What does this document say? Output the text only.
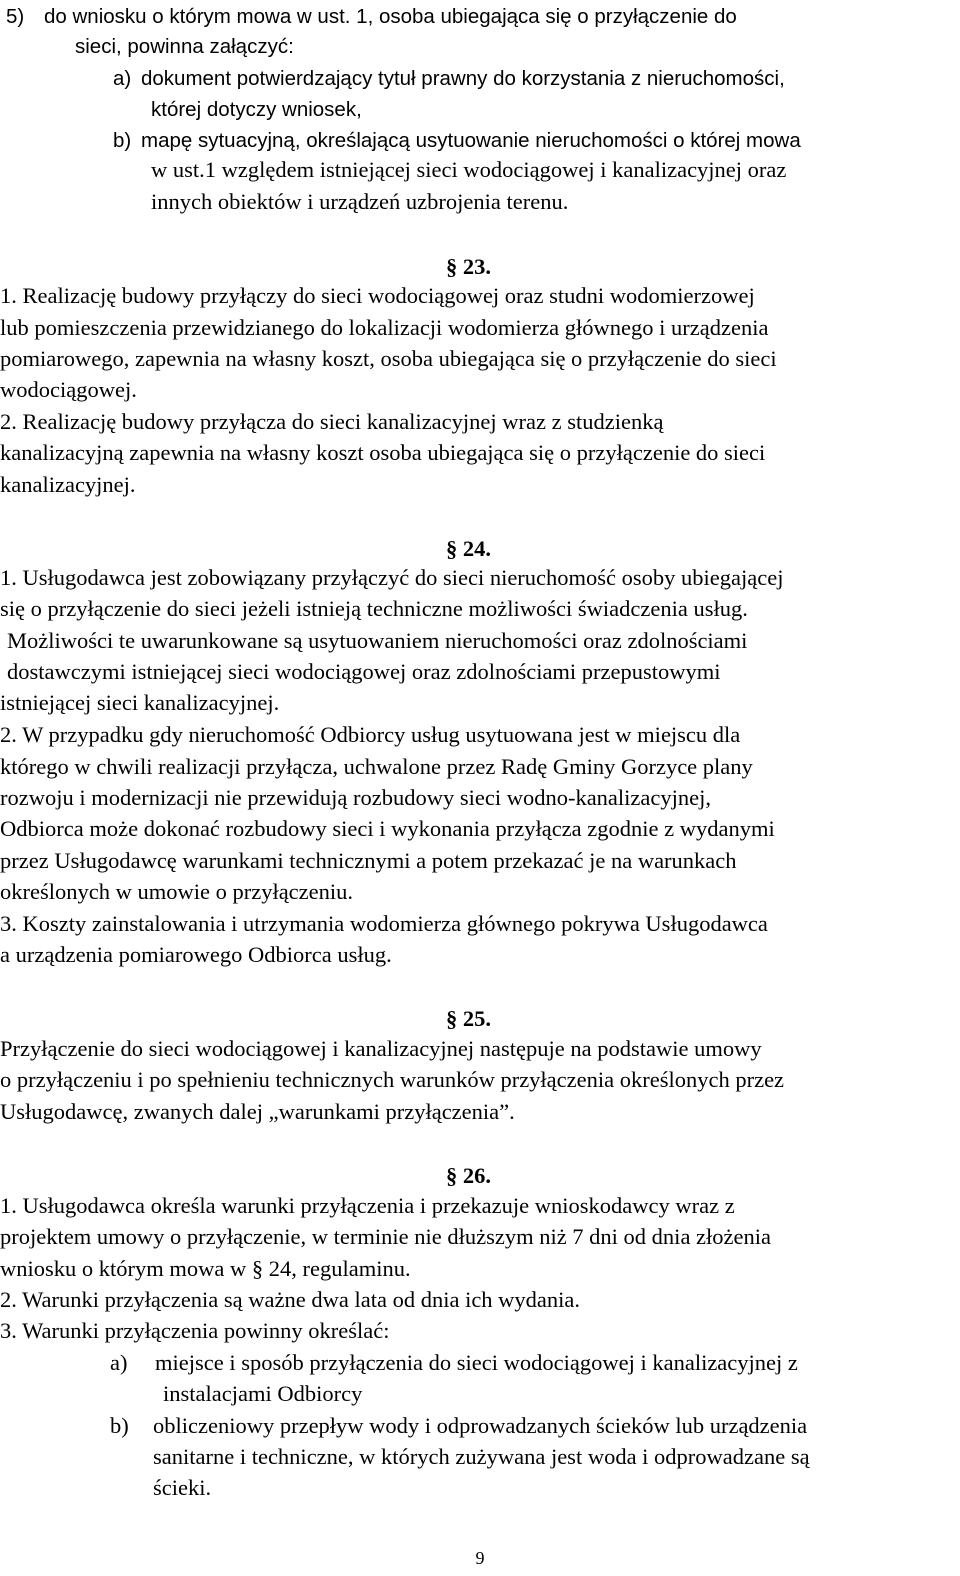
5) do wniosku o którym mowa w ust. 1, osoba ubiegająca się o przyłączenie do
sieci, powinna załączyć:
a) dokument potwierdzający tytuł prawny do korzystania z nieruchomości,
której dotyczy wniosek,
b) mapę sytuacyjną, określającą usytuowanie nieruchomości o której mowa
w ust.1 względem istniejącej sieci wodociągowej i kanalizacyjnej oraz
innych obiektów i urządzeń uzbrojenia terenu.
§ 23.
1. Realizację budowy przyłączy do sieci wodociągowej oraz studni wodomierzowej
lub pomieszczenia przewidzianego do lokalizacji wodomierza głównego i urządzenia
pomiarowego, zapewnia na własny koszt, osoba ubiegająca się o przyłączenie do sieci
wodociągowej.
2. Realizację budowy przyłącza do sieci kanalizacyjnej wraz z studzienką
kanalizacyjną zapewnia na własny koszt osoba ubiegająca się o przyłączenie do sieci
kanalizacyjnej.
§ 24.
1. Usługodawca jest zobowiązany przyłączyć do sieci nieruchomość osoby ubiegającej
się o przyłączenie do sieci jeżeli istnieją techniczne możliwości świadczenia usług.
Możliwości te uwarunkowane są usytuowaniem nieruchomości oraz zdolnościami
dostawczymi istniejącej sieci wodociągowej oraz zdolnościami przepustowymi
istniejącej sieci kanalizacyjnej.
2. W przypadku gdy nieruchomość Odbiorcy usług usytuowana jest w miejscu dla
którego w chwili realizacji przyłącza, uchwalone przez Radę Gminy Gorzyce plany
rozwoju i modernizacji nie przewidują rozbudowy sieci wodno-kanalizacyjnej,
Odbiorca może dokonać rozbudowy sieci i wykonania przyłącza zgodnie z wydanymi
przez Usługodawcę warunkami technicznymi a potem przekazać je na warunkach
określonych w umowie o przyłączeniu.
3. Koszty zainstalowania i utrzymania wodomierza głównego pokrywa Usługodawca
a urządzenia pomiarowego Odbiorca usług.
§ 25.
Przyłączenie do sieci wodociągowej i kanalizacyjnej następuje na podstawie umowy
o przyłączeniu i po spełnieniu technicznych warunków przyłączenia określonych przez
Usługodawcę, zwanych dalej „warunkami przyłączenia”.
§ 26.
1. Usługodawca określa warunki przyłączenia i przekazuje wnioskodawcy wraz z
projektem umowy o przyłączenie, w terminie nie dłuższym niż 7 dni od dnia złożenia
wniosku o którym mowa w § 24, regulaminu.
2. Warunki przyłączenia są ważne dwa lata od dnia ich wydania.
3. Warunki przyłączenia powinny określać:
a) miejsce i sposób przyłączenia do sieci wodociągowej i kanalizacyjnej z
instalacjami Odbiorcy
b) obliczeniowy przepływ wody i odprowadzanych ścieków lub urządzenia
sanitarne i techniczne, w których zużywana jest woda i odprowadzane są
ścieki.
9
